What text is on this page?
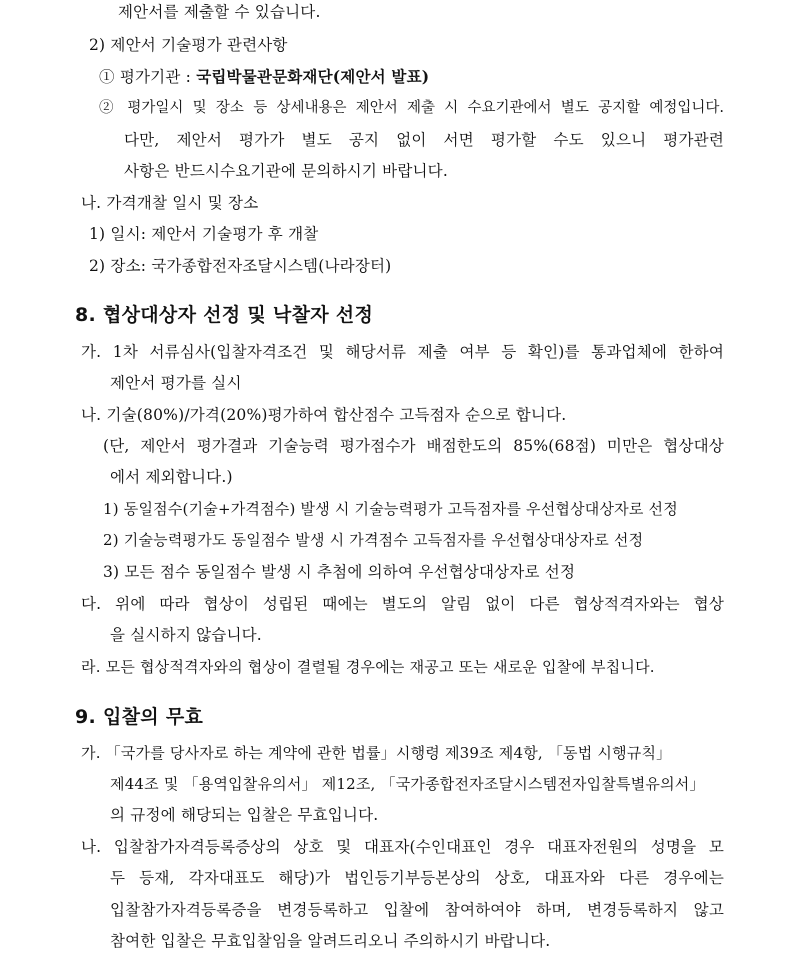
제안서를 제출할 수 있습니다.
2) 제안서 기술평가 관련사항
① 평가기관 : 국립박물관문화재단(제안서 발표)
② 평가일시 및 장소 등 상세내용은 제안서 제출 시 수요기관에서 별도 공지할 예정입니다.
다만, 제안서 평가가 별도 공지 없이 서면 평가할 수도 있으니 평가관련
사항은 반드시수요기관에 문의하시기 바랍니다.
나. 가격개찰 일시 및 장소
1) 일시: 제안서 기술평가 후 개찰
2) 장소: 국가종합전자조달시스템(나라장터)
8. 협상대상자 선정 및 낙찰자 선정
가. 1차 서류심사(입찰자격조건 및 해당서류 제출 여부 등 확인)를 통과업체에 한하여
제안서 평가를 실시
나. 기술(80%)/가격(20%)평가하여 합산점수 고득점자 순으로 합니다.
(단, 제안서 평가결과 기술능력 평가점수가 배점한도의 85%(68점) 미만은 협상대상
에서 제외합니다.)
1) 동일점수(기술+가격점수) 발생 시 기술능력평가 고득점자를 우선협상대상자로 선정
2) 기술능력평가도 동일점수 발생 시 가격점수 고득점자를 우선협상대상자로 선정
3) 모든 점수 동일점수 발생 시 추첨에 의하여 우선협상대상자로 선정
다. 위에 따라 협상이 성립된 때에는 별도의 알림 없이 다른 협상적격자와는 협상
을 실시하지 않습니다.
라. 모든 협상적격자와의 협상이 결렬될 경우에는 재공고 또는 새로운 입찰에 부칩니다.
9. 입찰의 무효
가. 「국가를 당사자로 하는 계약에 관한 법률」시행령 제39조 제4항, 「동법 시행규칙」
제44조 및 「용역입찰유의서」 제12조, 「국가종합전자조달시스템전자입찰특별유의서」
의 규정에 해당되는 입찰은 무효입니다.
나. 입찰참가자격등록증상의 상호 및 대표자(수인대표인 경우 대표자전원의 성명을 모
두 등재, 각자대표도 해당)가 법인등기부등본상의 상호, 대표자와 다른 경우에는
입찰참가자격등록증을 변경등록하고 입찰에 참여하여야 하며, 변경등록하지 않고
참여한 입찰은 무효입찰임을 알려드리오니 주의하시기 바랍니다.
